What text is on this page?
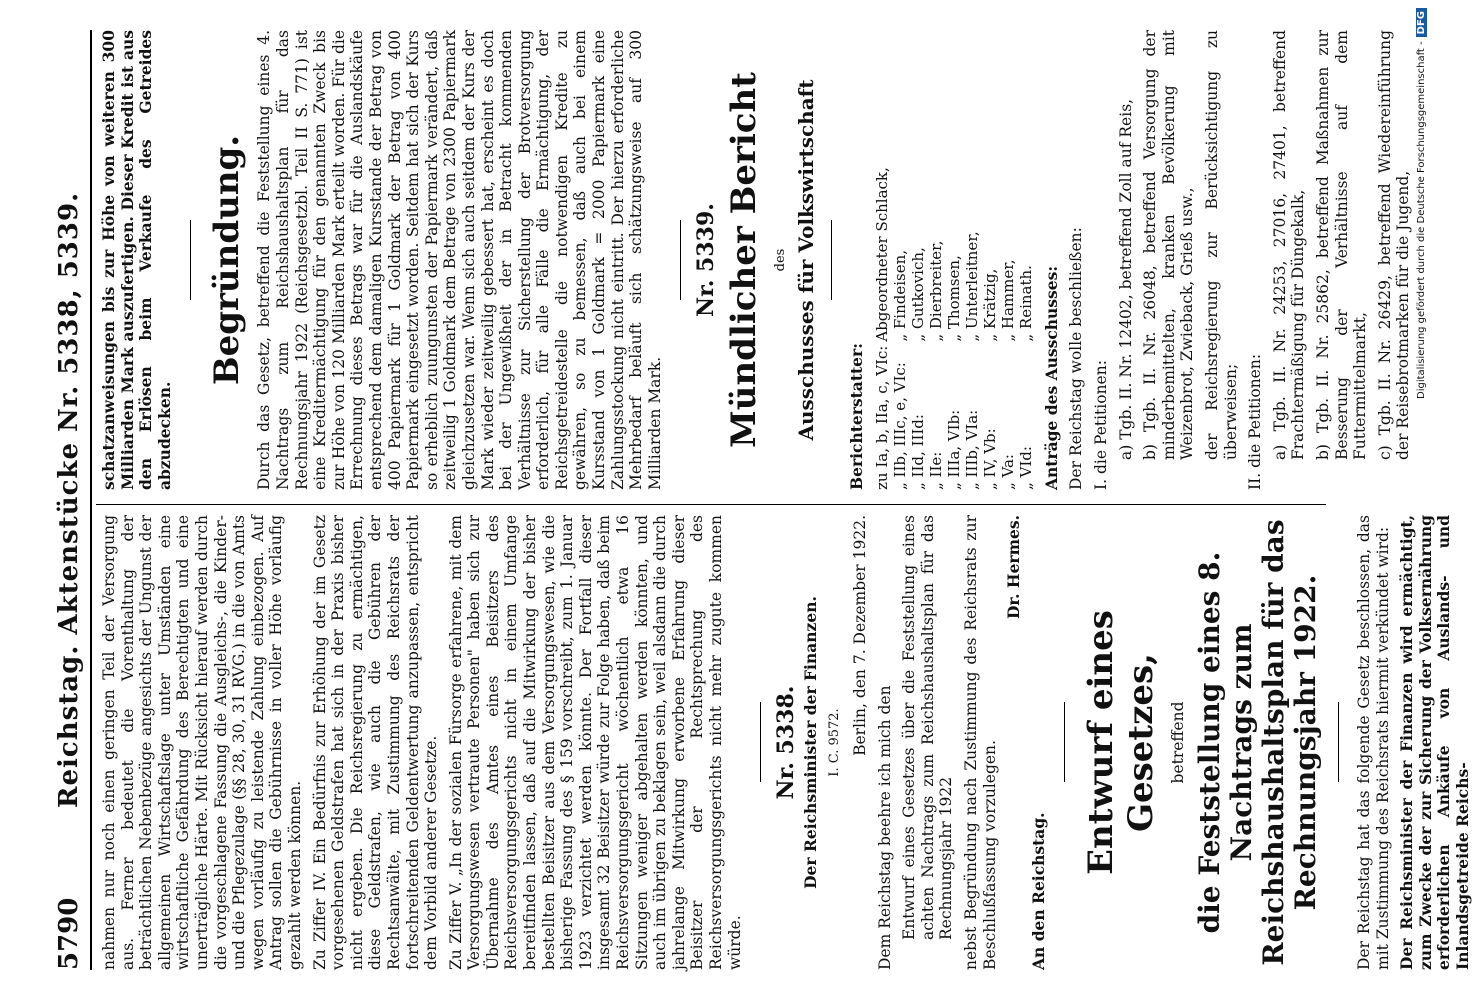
5790
Reichstag. Aktenstücke Nr. 5338, 5339. nahmen nur noch einen geringen Teil der Versorgung aus. Ferner bedeutet die Vorenthaltung der beträchtlichen Nebenbezüge angesichts der Ungunst der allgemeinen Wirtschaftslage unter Umständen eine wirtschaftliche Gefährdung des Berechtigten und eine unerträgliche Härte. Mit Rücksicht hierauf werden durch die vorgeschlagene Fassung die Ausgleichs-, die Kinder- und die Pflegezulage (§§ 28, 30, 31 RVG.) in die von Amts wegen vorläufig zu leistende Zahlung einbezogen. Auf Antrag sollen die Gebührnisse in voller Höhe vorläufig gezahlt werden können. Zu Ziffer IV. Ein Bedürfnis zur Erhöhung der im Gesetz vorgesehenen Geldstrafen hat sich in der Praxis bisher nicht ergeben. Die Reichsregierung zu ermächtigen, diese Geldstrafen, wie auch die Gebühren der Rechtsanwälte, mit Zustimmung des Reichsrats der fortschreitenden Geldentwertung anzupassen, entspricht dem Vorbild anderer Gesetze. Zu Ziffer V. „In der sozialen Fürsorge erfahrene, mit dem Versorgungswesen vertraute Personen" haben sich zur Übernahme des Amtes eines Beisitzers des Reichsversorgungsgerichts nicht in einem Umfange bereitfinden lassen, daß auf die Mitwirkung der bisher bestellten Beisitzer aus dem Versorgungswesen, wie die bisherige Fassung des § 159 vorschreibt, zum 1. Januar 1923 verzichtet werden könnte. Der Fortfall dieser insgesamt 32 Beisitzer würde zur Folge haben, daß beim Reichsversorgungsgericht wöchentlich etwa 16 Sitzungen weniger abgehalten werden könnten, und auch im übrigen zu beklagen sein, weil alsdann die durch jahrelange Mitwirkung erworbene Erfahrung dieser Beisitzer der Rechtsprechung des Reichsversorgungsgerichts nicht mehr zugute kommen würde.

Nr. 5338. Der Reichsminister der Finanzen. I. C. 9572. Berlin, den 7. Dezember 1922.

Dem Reichstag beehre ich mich den Entwurf eines Gesetzes über die Feststellung eines achten Nachtrags zum Reichshaushaltsplan für das Rechnungsjahr 1922 nebst Begründung nach Zustimmung des Reichsrats zur Beschlußfassung vorzulegen.

Dr. Hermes.

An den Reichstag.

Entwurf eines Gesetzes, betreffend die Feststellung eines 8. Nachtrags zum Reichshaushaltsplan für das Rechnungsjahr 1922. Der Reichstag hat das folgende Gesetz beschlossen, das mit Zustimmung des Reichsrats hiermit verkündet wird: Der Reichsminister der Finanzen wird ermächtigt, zum Zwecke der zur Sicherung der Volksernährung erforderlichen Ankäufe von Auslands- und Inlandsgetreide Reichs-

schatzanweisungen bis zur Höhe von weiteren 300 Milliarden Mark auszufertigen. Dieser Kredit ist aus den Erlösen beim Verkaufe des Getreides abzudecken.

Begründung. Durch das Gesetz, betreffend die Feststellung eines 4. Nachtrags zum Reichshaushaltsplan für das Rechnungsjahr 1922 (Reichsgesetzbl. Teil II S. 771) ist eine Kreditermächtigung für den genannten Zweck bis zur Höhe von 120 Milliarden Mark erteilt worden. Für die Errechnung dieses Betrags war für die Auslandskäufe entsprechend dem damaligen Kursstande der Betrag von 400 Papiermark für 1 Goldmark der Betrag von 400 Papiermark eingesetzt worden. Seitdem hat sich der Kurs so erheblich zuungunsten der Papiermark verändert, daß zeitweilig 1 Goldmark dem Betrage von 2300 Papiermark gleichzusetzen war. Wenn sich auch seitdem der Kurs der Mark wieder zeitweilig gebessert hat, erscheint es doch bei der Ungewißheit der in Betracht kommenden Verhältnisse zur Sicherstellung der Brotversorgung erforderlich, für alle Fälle die Ermächtigung, der Reichsgetreidestelle die notwendigen Kredite zu gewähren, so zu bemessen, daß auch bei einem Kursstand von 1 Goldmark = 2000 Papiermark eine Zahlungsstockung nicht eintritt. Der hierzu erforderliche Mehrbedarf beläuft sich schätzungsweise auf 300 Milliarden Mark.

Nr. 5339. Mündlicher Bericht des Ausschusses für Volkswirtschaft Berichterstatter: zu Ia, b, IIa, c, VIc:	Abgeordneter Schlack,
„ IIb, IIIc, e, VIc:	„ Findeisen,
„ IId, IIId:	„ Gutkovich,
„ IIe:	„ Dierbreiter,
„ IIIa, VIb:	„ Thomsen,
„ IIIb, VIa:	„ Unterleitner,
„ IV, Vb:	„ Krätzig,
„ Va:	„ Hammer,
„ VId:	„ Reinath. Anträge des Ausschusses: Der Reichstag wolle beschließen: I. die Petitionen: a) Tgb. II. Nr. 12402, betreffend Zoll auf Reis, b) Tgb. II. Nr. 26048, betreffend Versorgung der minderbemittelten, kranken Bevölkerung mit Weizenbrot, Zwieback, Grieß usw., der Reichsregierung zur Berücksichtigung zu überweisen; II. die Petitionen: a) Tgb. II. Nr. 24253, 27016, 27401, betreffend Frachtermäßigung für Düngekalk, b) Tgb. II. Nr. 25862, betreffend Maßnahmen zur Besserung der Verhältnisse auf dem Futtermittelmarkt, c) Tgb. II. Nr. 26429, betreffend Wiedereinführung der Reisebrotmarken für die Jugend, Digitalisierung gefördert durch die Deutsche Forschungsgemeinschaft -DFG
